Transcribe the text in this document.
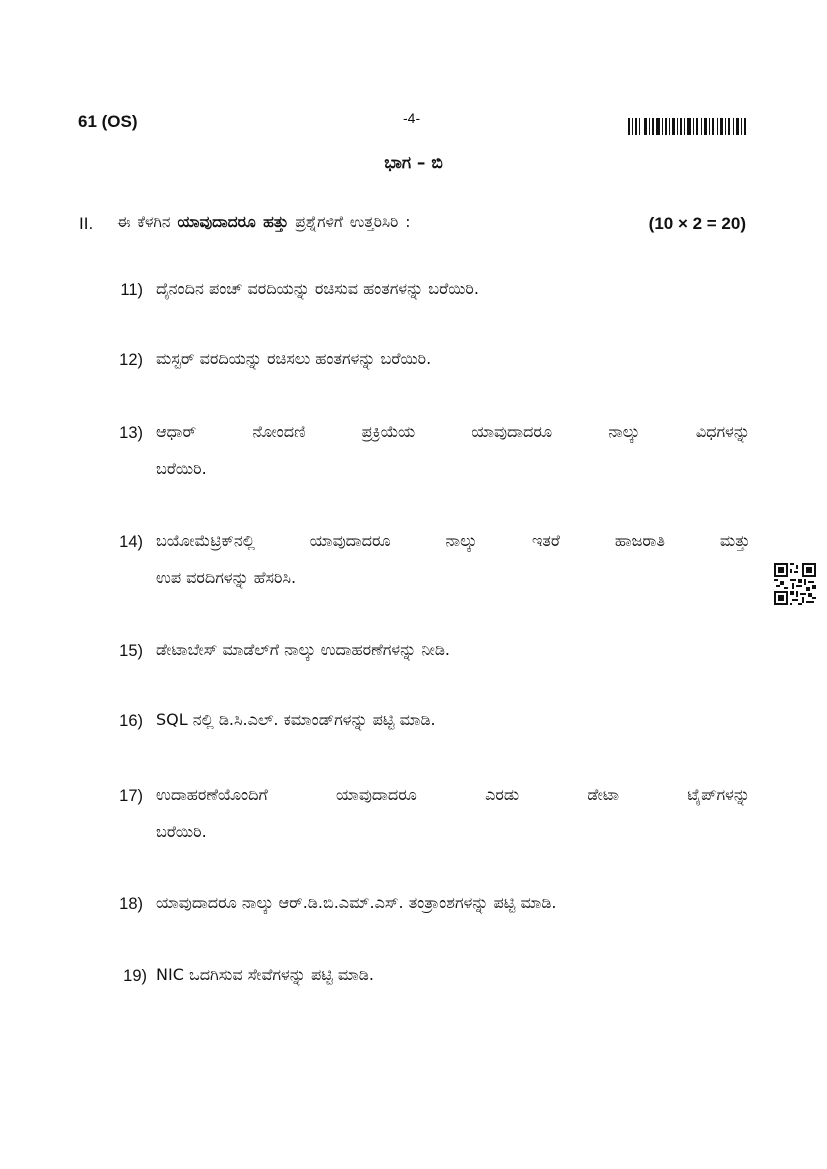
61 (OS)	-4-
ಭಾಗ – ಬಿ
II. ಈ ಕೆಳಗಿನ ಯಾವುದಾದರೂ ಹತ್ತು ಪ್ರಶ್ನೆಗಳಿಗೆ ಉತ್ತರಿಸಿರಿ :	(10 × 2 = 20)
11) ದೈನಂದಿನ ಪಂಚ್ ವರದಿಯನ್ನು ರಚಿಸುವ ಹಂತಗಳನ್ನು ಬರೆಯಿರಿ.
12) ಮಸ್ಟರ್ ವರದಿಯನ್ನು ರಚಿಸಲು ಹಂತಗಳನ್ನು ಬರೆಯಿರಿ.
13) ಆಧಾರ್ ನೋಂದಣಿ ಪ್ರಕ್ರಿಯೆಯ ಯಾವುದಾದರೂ ನಾಲ್ಕು ವಿಧಗಳನ್ನು
ಬರೆಯಿರಿ.
14) ಬಯೋಮೆಟ್ರಿಕ್‌ನಲ್ಲಿ ಯಾವುದಾದರೂ ನಾಲ್ಕು ಇತರೆ ಹಾಜರಾತಿ ಮತ್ತು
ಉಪ ವರದಿಗಳನ್ನು ಹೆಸರಿಸಿ.
15) ಡೇಟಾಬೇಸ್ ಮಾಡೆಲ್‌ಗೆ ನಾಲ್ಕು ಉದಾಹರಣೆಗಳನ್ನು ನೀಡಿ.
16) SQL ನಲ್ಲಿ ಡಿ.ಸಿ.ಎಲ್. ಕಮಾಂಡ್‌ಗಳನ್ನು ಪಟ್ಟಿ ಮಾಡಿ.
17) ಉದಾಹರಣೆಯೊಂದಿಗೆ ಯಾವುದಾದರೂ ಎರಡು ಡೇಟಾ ಟೈಪ್‌ಗಳನ್ನು
ಬರೆಯಿರಿ.
18) ಯಾವುದಾದರೂ ನಾಲ್ಕು ಆರ್.ಡಿ.ಬಿ.ಎಮ್.ಎಸ್. ತಂತ್ರಾಂಶಗಳನ್ನು ಪಟ್ಟಿ ಮಾಡಿ.
19) NIC ಒದಗಿಸುವ ಸೇವೆಗಳನ್ನು ಪಟ್ಟಿ ಮಾಡಿ.
